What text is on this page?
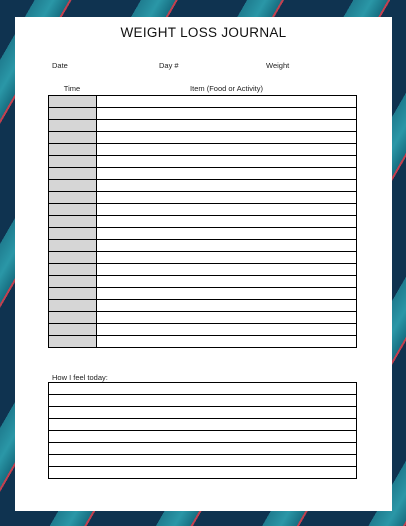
WEIGHT LOSS JOURNAL
Date	Day #	Weight
Time	Item (Food or Activity)

How I feel today:
